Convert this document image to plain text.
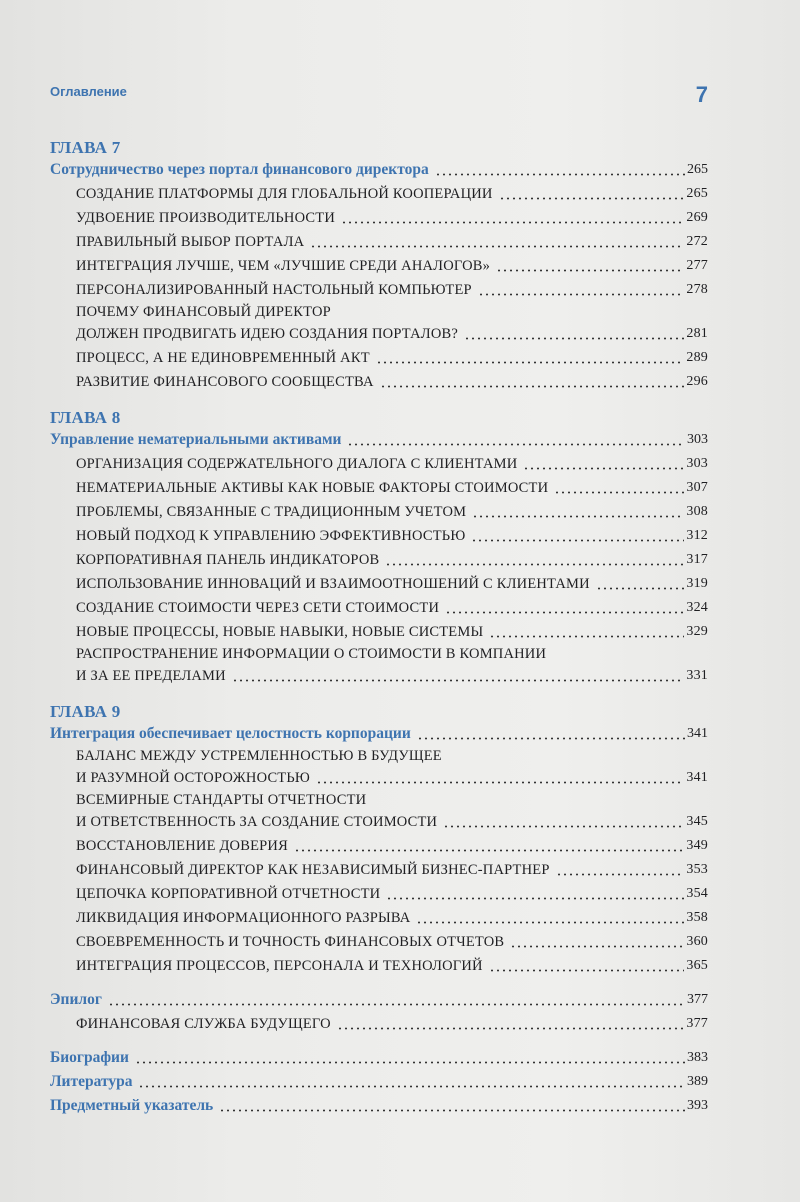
Оглавление	7
ГЛАВА 7
Сотрудничество через портал финансового директора	265
СОЗДАНИЕ ПЛАТФОРМЫ ДЛЯ ГЛОБАЛЬНОЙ КООПЕРАЦИИ	265
УДВОЕНИЕ ПРОИЗВОДИТЕЛЬНОСТИ	269
ПРАВИЛЬНЫЙ ВЫБОР ПОРТАЛА	272
ИНТЕГРАЦИЯ ЛУЧШЕ, ЧЕМ «ЛУЧШИЕ СРЕДИ АНАЛОГОВ»	277
ПЕРСОНАЛИЗИРОВАННЫЙ НАСТОЛЬНЫЙ КОМПЬЮТЕР	278
ПОЧЕМУ ФИНАНСОВЫЙ ДИРЕКТОР
ДОЛЖЕН ПРОДВИГАТЬ ИДЕЮ СОЗДАНИЯ ПОРТАЛОВ?	281
ПРОЦЕСС, А НЕ ЕДИНОВРЕМЕННЫЙ АКТ	289
РАЗВИТИЕ ФИНАНСОВОГО СООБЩЕСТВА	296
ГЛАВА 8
Управление нематериальными активами	303
ОРГАНИЗАЦИЯ СОДЕРЖАТЕЛЬНОГО ДИАЛОГА С КЛИЕНТАМИ	303
НЕМАТЕРИАЛЬНЫЕ АКТИВЫ КАК НОВЫЕ ФАКТОРЫ СТОИМОСТИ	307
ПРОБЛЕМЫ, СВЯЗАННЫЕ С ТРАДИЦИОННЫМ УЧЕТОМ	308
НОВЫЙ ПОДХОД К УПРАВЛЕНИЮ ЭФФЕКТИВНОСТЬЮ	312
КОРПОРАТИВНАЯ ПАНЕЛЬ ИНДИКАТОРОВ	317
ИСПОЛЬЗОВАНИЕ ИННОВАЦИЙ И ВЗАИМООТНОШЕНИЙ С КЛИЕНТАМИ	319
СОЗДАНИЕ СТОИМОСТИ ЧЕРЕЗ СЕТИ СТОИМОСТИ	324
НОВЫЕ ПРОЦЕССЫ, НОВЫЕ НАВЫКИ, НОВЫЕ СИСТЕМЫ	329
РАСПРОСТРАНЕНИЕ ИНФОРМАЦИИ О СТОИМОСТИ В КОМПАНИИ
И ЗА ЕЕ ПРЕДЕЛАМИ	331
ГЛАВА 9
Интеграция обеспечивает целостность корпорации	341
БАЛАНС МЕЖДУ УСТРЕМЛЕННОСТЬЮ В БУДУЩЕЕ
И РАЗУМНОЙ ОСТОРОЖНОСТЬЮ	341
ВСЕМИРНЫЕ СТАНДАРТЫ ОТЧЕТНОСТИ
И ОТВЕТСТВЕННОСТЬ ЗА СОЗДАНИЕ СТОИМОСТИ	345
ВОССТАНОВЛЕНИЕ ДОВЕРИЯ	349
ФИНАНСОВЫЙ ДИРЕКТОР КАК НЕЗАВИСИМЫЙ БИЗНЕС-ПАРТНЕР	353
ЦЕПОЧКА КОРПОРАТИВНОЙ ОТЧЕТНОСТИ	354
ЛИКВИДАЦИЯ ИНФОРМАЦИОННОГО РАЗРЫВА	358
СВОЕВРЕМЕННОСТЬ И ТОЧНОСТЬ ФИНАНСОВЫХ ОТЧЕТОВ	360
ИНТЕГРАЦИЯ ПРОЦЕССОВ, ПЕРСОНАЛА И ТЕХНОЛОГИЙ	365
Эпилог	377
ФИНАНСОВАЯ СЛУЖБА БУДУЩЕГО	377
Биографии	383
Литература	389
Предметный указатель	393
